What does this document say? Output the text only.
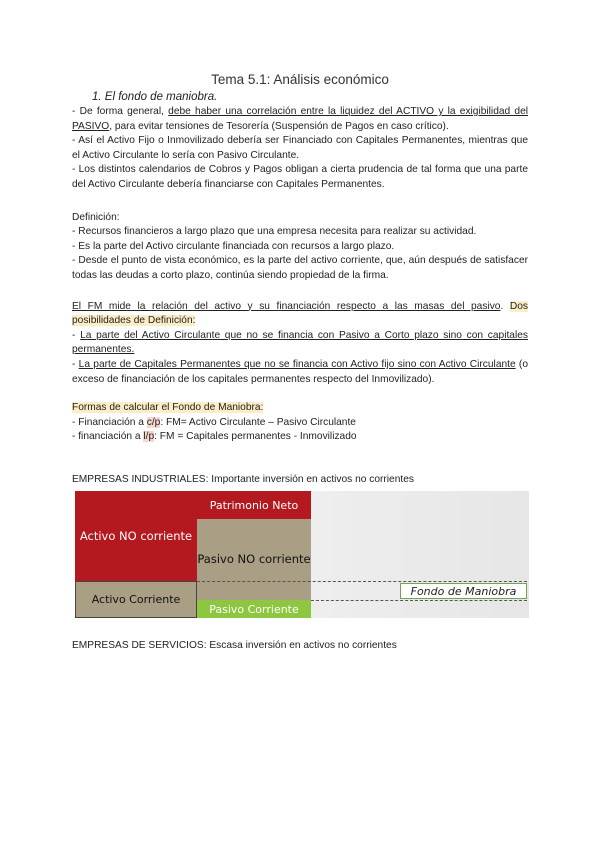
Tema 5.1: Análisis económico
1. El fondo de maniobra.

- De forma general, debe haber una correlación entre la liquidez del ACTIVO y la exigibilidad del PASIVO, para evitar tensiones de Tesorería (Suspensión de Pagos en caso crítico).

- Así el Activo Fijo o Inmovilizado debería ser Financiado con Capitales Permanentes, mientras que el Activo Circulante lo sería con Pasivo Circulante.

- Los distintos calendarios de Cobros y Pagos obligan a cierta prudencia de tal forma que una parte del Activo Circulante debería financiarse con Capitales Permanentes.

Definición:

- Recursos financieros a largo plazo que una empresa necesita para realizar su actividad.

- Es la parte del Activo circulante financiada con recursos a largo plazo.

- Desde el punto de vista económico, es la parte del activo corriente, que, aún después de satisfacer todas las deudas a corto plazo, continúa siendo propiedad de la firma.

El FM mide la relación del activo y su financiación respecto a las masas del pasivo. Dos posibilidades de Definición:

- La parte del Activo Circulante que no se financia con Pasivo a Corto plazo sino con capitales permanentes.

- La parte de Capitales Permanentes que no se financia con Activo fijo sino con Activo Circulante (o exceso de financiación de los capitales permanentes respecto del Inmovilizado).

Formas de calcular el Fondo de Maniobra:

- Financiación a c/p: FM= Activo Circulante – Pasivo Circulante

- financiación a l/p: FM = Capitales permanentes - Inmovilizado

EMPRESAS INDUSTRIALES: Importante inversión en activos no corrientes
Activo NO corriente
Activo Corriente
Patrimonio Neto
Pasivo NO corriente
Pasivo Corriente
Fondo de Maniobra
EMPRESAS DE SERVICIOS: Escasa inversión en activos no corrientes
